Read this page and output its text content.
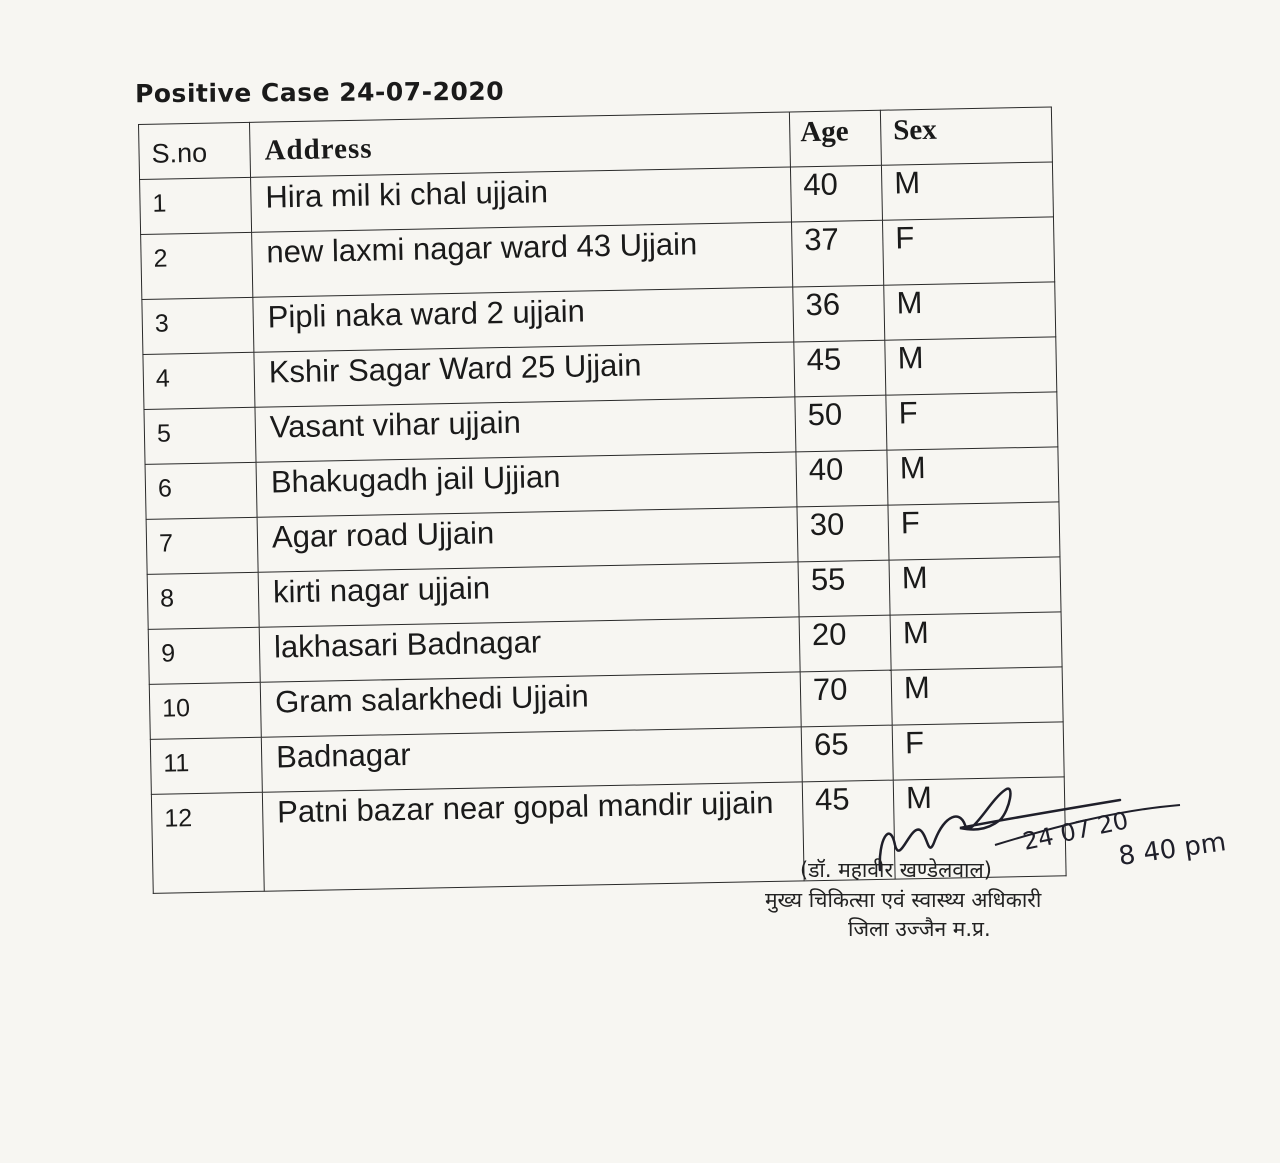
Positive Case 24-07-2020
S.no	Address	Age	Sex
1	Hira mil ki chal ujjain	40	M
2	new laxmi nagar ward 43 Ujjain	37	F
3	Pipli naka ward 2 ujjain	36	M
4	Kshir Sagar Ward 25 Ujjain	45	M
5	Vasant vihar ujjain	50	F
6	Bhakugadh jail Ujjian	40	M
7	Agar road Ujjain	30	F
8	kirti nagar ujjain	55	M
9	lakhasari Badnagar	20	M
10	Gram salarkhedi Ujjain	70	M
11	Badnagar	65	F
12	Patni bazar near gopal mandir ujjain	45	M
24 07 20
8 40 pm
(डॉ. महावीर खण्डेलवाल)
मुख्य चिकित्सा एवं स्वास्थ्य अधिकारी
जिला उज्जैन म.प्र.
